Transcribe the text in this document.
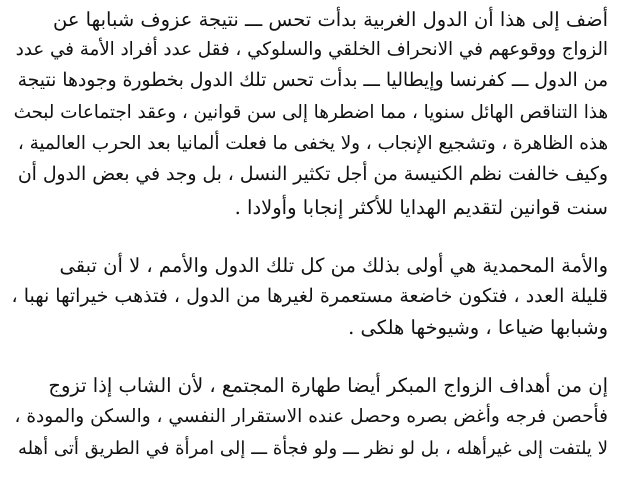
أضف إلى هذا أن الدول الغربية بدأت تحس ـــ نتيجة عزوف شبابها عن
الزواج ووقوعهم في الانحراف الخلقي والسلوكي ، فقل عدد أفراد الأمة في عدد
من الدول ـــ كفرنسا وإيطاليا ـــ بدأت تحس تلك الدول بخطورة وجودها نتيجة
هذا التناقص الهائل سنويا ، مما اضطرها إلى سن قوانين ، وعقد اجتماعات لبحث
هذه الظاهرة ، وتشجيع الإنجاب ، ولا يخفى ما فعلت ألمانيا بعد الحرب العالمية ،
وكيف خالفت نظم الكنيسة من أجل تكثير النسل ، بل وجد في بعض الدول أن
سنت قوانين لتقديم الهدايا للأكثر إنجابا وأولادا .
والأمة المحمدية هي أولى بذلك من كل تلك الدول والأمم ، لا أن تبقى
قليلة العدد ، فتكون خاضعة مستعمرة لغيرها من الدول ، فتذهب خيراتها نهبا ،
وشبابها ضياعا ، وشيوخها هلكى .
إن من أهداف الزواج المبكر أيضا طهارة المجتمع ، لأن الشاب إذا تزوج
فأحصن فرجه وأغض بصره وحصل عنده الاستقرار النفسي ، والسكن والمودة ،
لا يلتفت إلى غيرأهله ، بل لو نظر ـــ ولو فجأة ـــ إلى امرأة في الطريق أتى أهله
